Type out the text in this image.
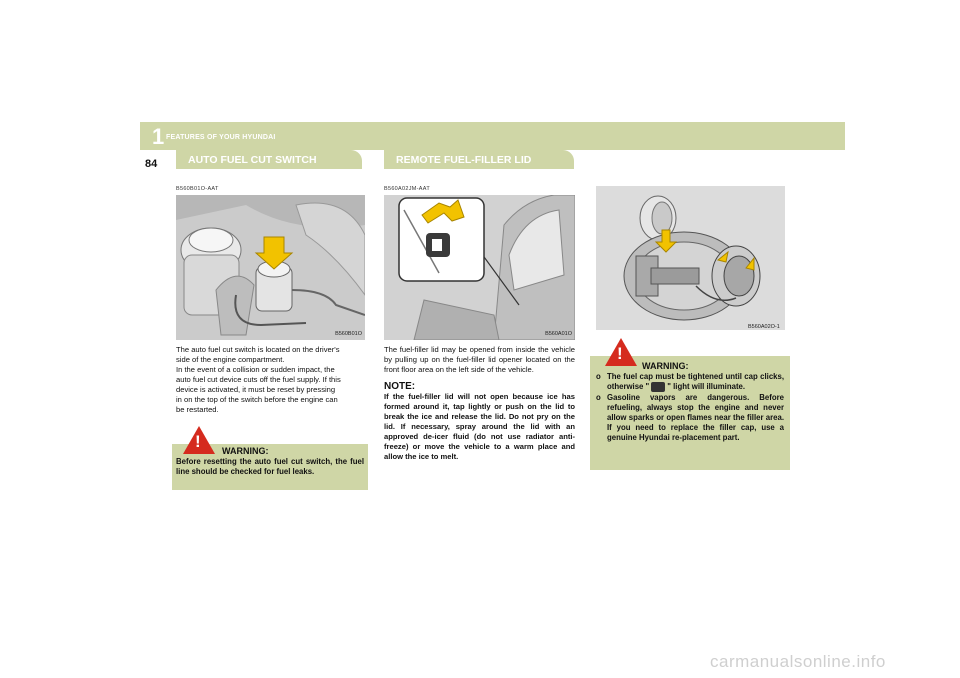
1 FEATURES OF YOUR HYUNDAI
84	AUTO FUEL CUT SWITCH	REMOTE FUEL-FILLER LID RELEASE
B560B01O-AAT
B560B01O
The auto fuel cut switch is located on the driver's
side of the engine compartment.
In the event of a collision or sudden impact, the
auto fuel cut device cuts off the fuel supply. If this
device is activated, it must be reset by pressing
in on the top of the switch before the engine can
be restarted.
! WARNING:
Before resetting the auto fuel cut switch, the fuel line should be checked for fuel leaks.
B560A02JM-AAT
B560A01O
The fuel-filler lid may be opened from inside the vehicle by pulling up on the fuel-filler lid opener located on the front floor area on the left side of the vehicle.
NOTE:
If the fuel-filler lid will not open because ice has formed around it, tap lightly or push on the lid to break the ice and release the lid. Do not pry on the lid. If necessary, spray around the lid with an approved de-icer fluid (do not use radiator anti-freeze) or move the vehicle to a warm place and allow the ice to melt.
B560A02O-1
!
WARNING:
o The fuel cap must be tightened until cap clicks, otherwise " " light will illuminate.
o Gasoline vapors are dangerous. Before refueling, always stop the engine and never allow sparks or open flames near the filler area. If you need to replace the filler cap, use a genuine Hyundai re-placement part.
carmanualsonline.info
